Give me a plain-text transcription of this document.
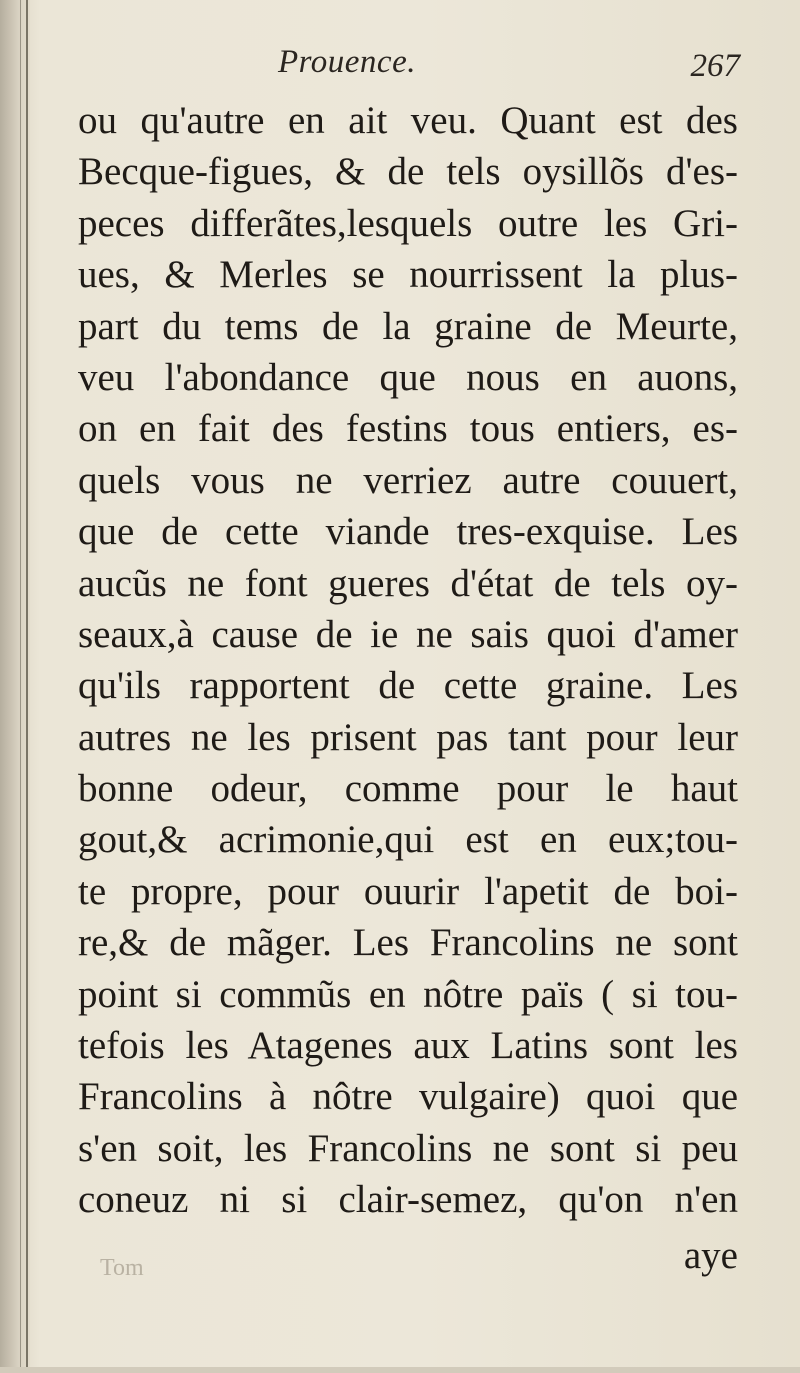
Prouence.	267
ou qu'autre en ait veu. Quant est des
Becque-figues, & de tels oysillõs d'es-
peces differãtes,lesquels outre les Gri-
ues, & Merles se nourrissent la plus-
part du tems de la graine de Meurte,
veu l'abondance que nous en auons,
on en fait des festins tous entiers, es-
quels vous ne verriez autre couuert,
que de cette viande tres-exquise. Les
aucũs ne font gueres d'état de tels oy-
seaux,à cause de ie ne sais quoi d'amer
qu'ils rapportent de cette graine. Les
autres ne les prisent pas tant pour leur
bonne odeur, comme pour le haut
gout,& acrimonie,qui est en eux;tou-
te propre, pour ouurir l'apetit de boi-
re,& de mãger. Les Francolins ne sont
point si commũs en nôtre païs ( si tou-
tefois les Atagenes aux Latins sont les
Francolins à nôtre vulgaire) quoi que
s'en soit, les Francolins ne sont si peu
coneuz ni si clair-semez, qu'on n'en
Tom	aye
